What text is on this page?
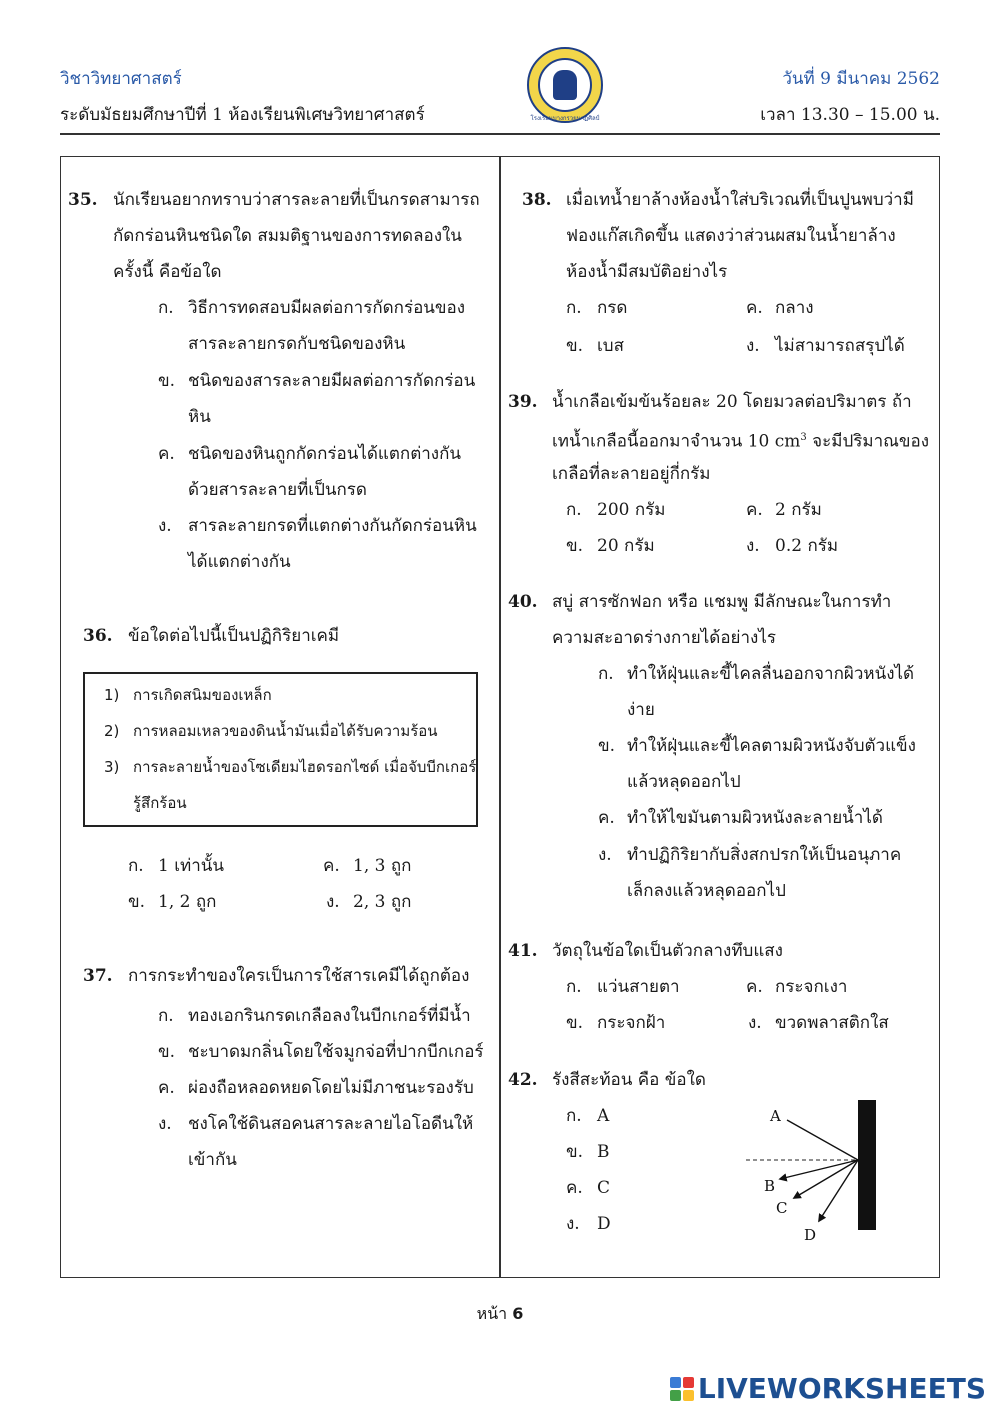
วิชาวิทยาศาสตร์
ระดับมัธยมศึกษาปีที่ 1 ห้องเรียนพิเศษวิทยาศาสตร์
วันที่ 9 มีนาคม 2562
เวลา 13.30 – 15.00 น.
โรงเรียนบางกรวยนาฏศิลป์
35. นักเรียนอยากทราบว่าสารละลายที่เป็นกรดสามารถ
กัดกร่อนหินชนิดใด สมมติฐานของการทดลองใน
ครั้งนี้ คือข้อใด
ก. วิธีการทดสอบมีผลต่อการกัดกร่อนของ
สารละลายกรดกับชนิดของหิน
ข. ชนิดของสารละลายมีผลต่อการกัดกร่อน
หิน
ค. ชนิดของหินถูกกัดกร่อนได้แตกต่างกัน
ด้วยสารละลายที่เป็นกรด
ง. สารละลายกรดที่แตกต่างกันกัดกร่อนหิน
ได้แตกต่างกัน
36. ข้อใดต่อไปนี้เป็นปฏิกิริยาเคมี
1) การเกิดสนิมของเหล็ก
2) การหลอมเหลวของดินน้ำมันเมื่อได้รับความร้อน
3) การละลายน้ำของโซเดียมไฮดรอกไซด์ เมื่อจับบีกเกอร์
รู้สึกร้อน
ก. 1 เท่านั้น	ค. 1, 3 ถูก
ข. 1, 2 ถูก	ง. 2, 3 ถูก
37. การกระทำของใครเป็นการใช้สารเคมีได้ถูกต้อง
ก. ทองเอกรินกรดเกลือลงในบีกเกอร์ที่มีน้ำ
ข. ชะบาดมกลิ่นโดยใช้จมูกจ่อที่ปากบีกเกอร์
ค. ผ่องถือหลอดหยดโดยไม่มีภาชนะรองรับ
ง. ชงโคใช้ดินสอคนสารละลายไอโอดีนให้
เข้ากัน
38. เมื่อเทน้ำยาล้างห้องน้ำใส่บริเวณที่เป็นปูนพบว่ามี
ฟองแก๊สเกิดขึ้น แสดงว่าส่วนผสมในน้ำยาล้าง
ห้องน้ำมีสมบัติอย่างไร
ก. กรด	ค. กลาง
ข. เบส	ง. ไม่สามารถสรุปได้
39. น้ำเกลือเข้มข้นร้อยละ 20 โดยมวลต่อปริมาตร ถ้า
เทน้ำเกลือนี้ออกมาจำนวน 10 $cm^3$ จะมีปริมาณของ
เกลือที่ละลายอยู่กี่กรัม
ก. 200 กรัม	ค. 2 กรัม
ข. 20 กรัม	ง. 0.2 กรัม
40. สบู่ สารซักฟอก หรือ แชมพู มีลักษณะในการทำ
ความสะอาดร่างกายได้อย่างไร
ก. ทำให้ฝุ่นและขี้ไคลลื่นออกจากผิวหนังได้
ง่าย
ข. ทำให้ฝุ่นและขี้ไคลตามผิวหนังจับตัวแข็ง
แล้วหลุดออกไป
ค. ทำให้ไขมันตามผิวหนังละลายน้ำได้
ง. ทำปฏิกิริยากับสิ่งสกปรกให้เป็นอนุภาค
เล็กลงแล้วหลุดออกไป
41. วัตถุในข้อใดเป็นตัวกลางทึบแสง
ก. แว่นสายตา	ค. กระจกเงา
ข. กระจกฝ้า	ง. ขวดพลาสติกใส
42. รังสีสะท้อน คือ ข้อใด
ก. A
ข. B
ค. C
ง. D
A
B
C
D
หน้า 6
LIVEWORKSHEETS
